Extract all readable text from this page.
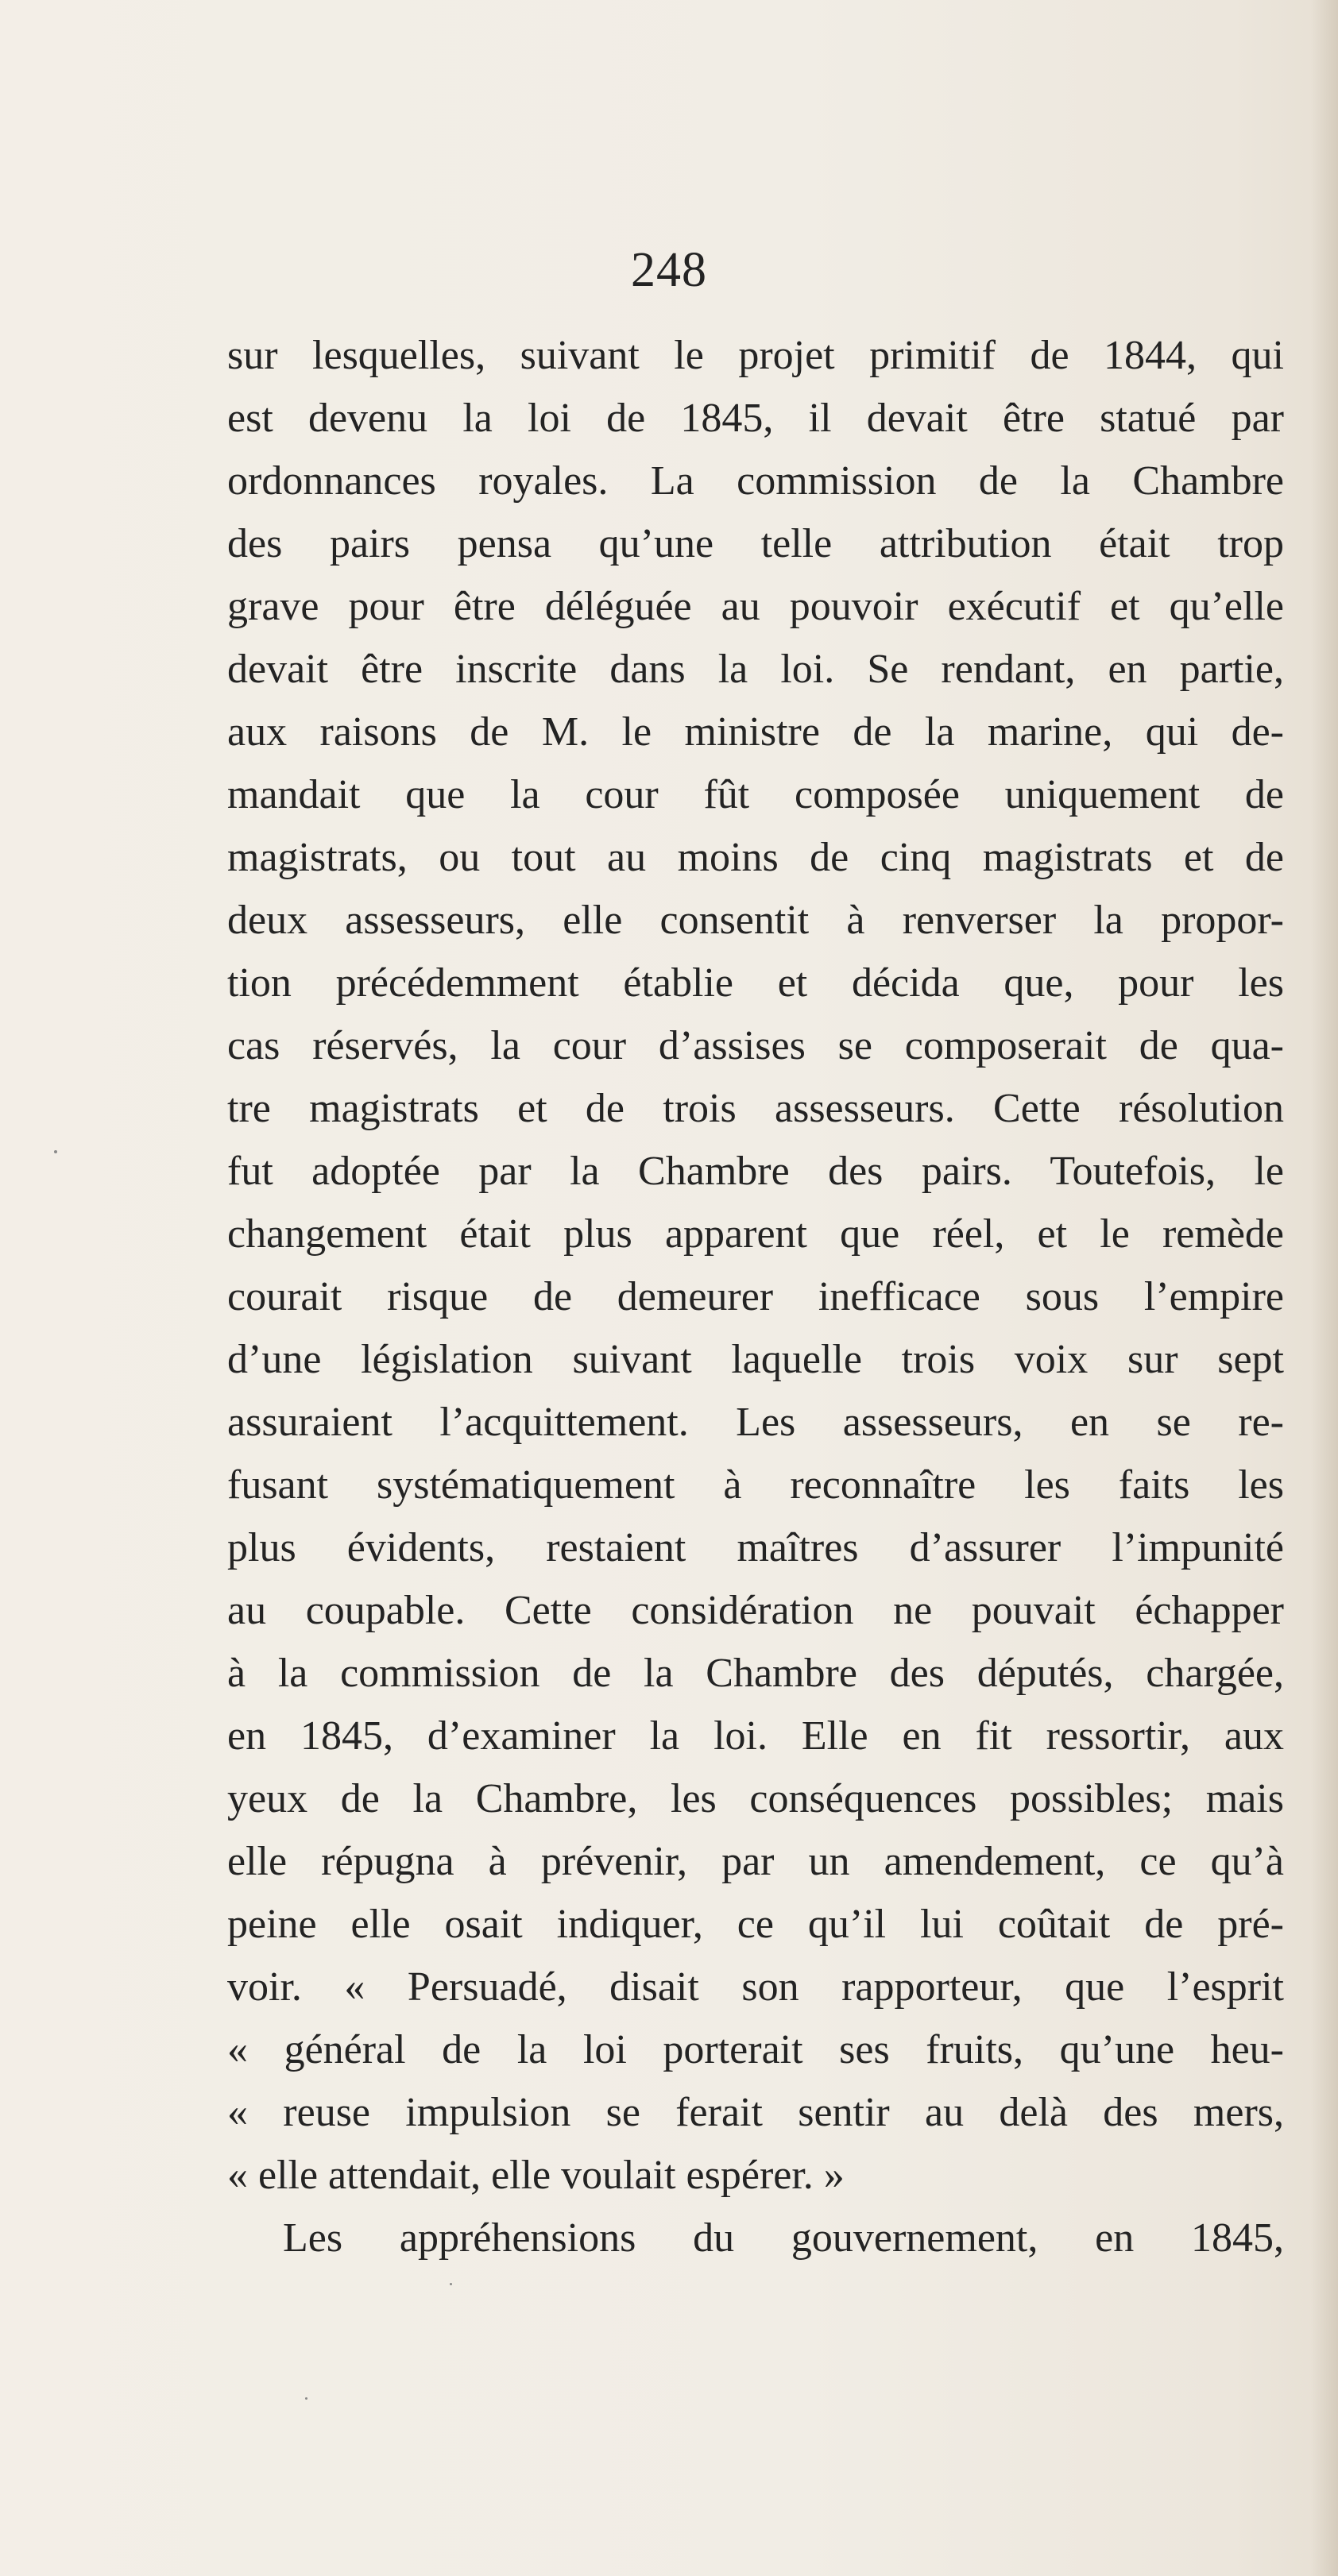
248
sur lesquelles, suivant le projet primitif de 1844, qui
est devenu la loi de 1845, il devait être statué par
ordonnances royales. La commission de la Chambre
des pairs pensa qu’une telle attribution était trop
grave pour être déléguée au pouvoir exécutif et qu’elle
devait être inscrite dans la loi. Se rendant, en partie,
aux raisons de M. le ministre de la marine, qui de-
mandait que la cour fût composée uniquement de
magistrats, ou tout au moins de cinq magistrats et de
deux assesseurs, elle consentit à renverser la propor-
tion précédemment établie et décida que, pour les
cas réservés, la cour d’assises se composerait de qua-
tre magistrats et de trois assesseurs. Cette résolution
fut adoptée par la Chambre des pairs. Toutefois, le
changement était plus apparent que réel, et le remède
courait risque de demeurer inefficace sous l’empire
d’une législation suivant laquelle trois voix sur sept
assuraient l’acquittement. Les assesseurs, en se re-
fusant systématiquement à reconnaître les faits les
plus évidents, restaient maîtres d’assurer l’impunité
au coupable. Cette considération ne pouvait échapper
à la commission de la Chambre des députés, chargée,
en 1845, d’examiner la loi. Elle en fit ressortir, aux
yeux de la Chambre, les conséquences possibles; mais
elle répugna à prévenir, par un amendement, ce qu’à
peine elle osait indiquer, ce qu’il lui coûtait de pré-
voir. « Persuadé, disait son rapporteur, que l’esprit
« général de la loi porterait ses fruits, qu’une heu-
« reuse impulsion se ferait sentir au delà des mers,
« elle attendait, elle voulait espérer. »
Les appréhensions du gouvernement, en 1845,
